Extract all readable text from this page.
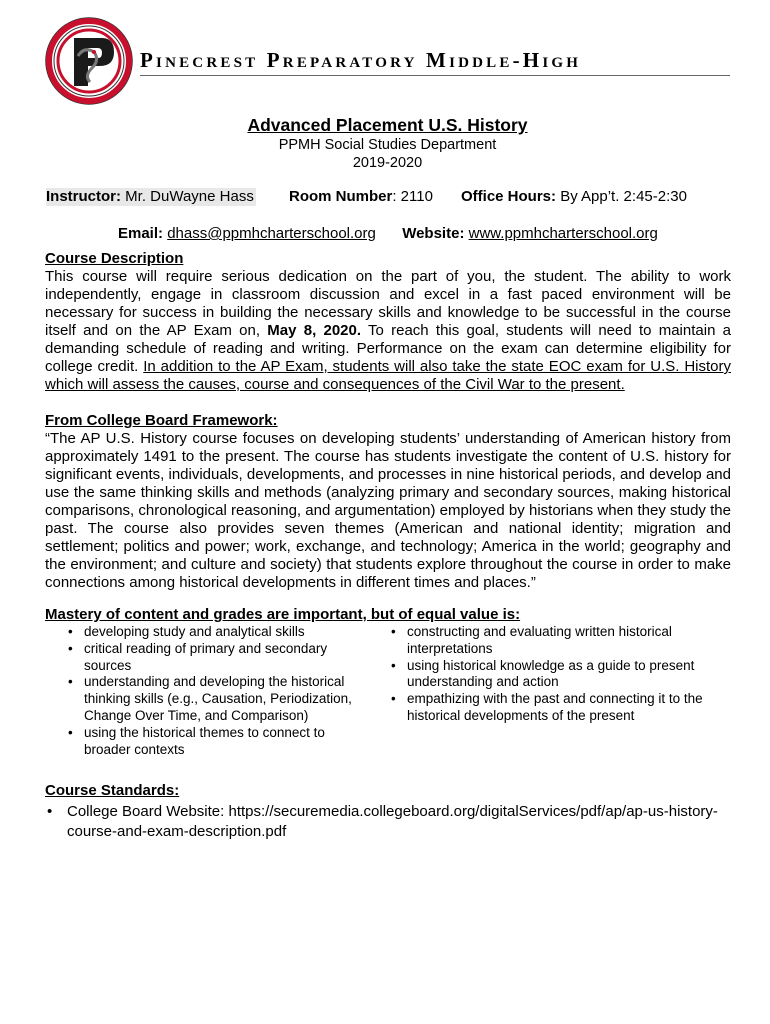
Pinecrest Preparatory Middle-High
Advanced Placement U.S. History
PPMH Social Studies Department
2019-2020
Instructor: Mr. DuWayne Hass Room Number: 2110 Office Hours: By App’t. 2:45-2:30
Email: dhass@ppmhcharterschool.org Website: www.ppmhcharterschool.org
Course Description
This course will require serious dedication on the part of you, the student. The ability to work independently, engage in classroom discussion and excel in a fast paced environment will be necessary for success in building the necessary skills and knowledge to be successful in the course itself and on the AP Exam on, May 8, 2020. To reach this goal, students will need to maintain a demanding schedule of reading and writing. Performance on the exam can determine eligibility for college credit. In addition to the AP Exam, students will also take the state EOC exam for U.S. History which will assess the causes, course and consequences of the Civil War to the present.
From College Board Framework:
“The AP U.S. History course focuses on developing students’ understanding of American history from approximately 1491 to the present. The course has students investigate the content of U.S. history for significant events, individuals, developments, and processes in nine historical periods, and develop and use the same thinking skills and methods (analyzing primary and secondary sources, making historical comparisons, chronological reasoning, and argumentation) employed by historians when they study the past. The course also provides seven themes (American and national identity; migration and settlement; politics and power; work, exchange, and technology; America in the world; geography and the environment; and culture and society) that students explore throughout the course in order to make connections among historical developments in different times and places.”
Mastery of content and grades are important, but of equal value is:
• developing study and analytical skills
• critical reading of primary and secondary sources
• understanding and developing the historical thinking skills (e.g., Causation, Periodization, Change Over Time, and Comparison)
• using the historical themes to connect to broader contexts
• constructing and evaluating written historical interpretations
• using historical knowledge as a guide to present understanding and action
• empathizing with the past and connecting it to the historical developments of the present
Course Standards:
• College Board Website: https://securemedia.collegeboard.org/digitalServices/pdf/ap/ap-us-history-course-and-exam-description.pdf
